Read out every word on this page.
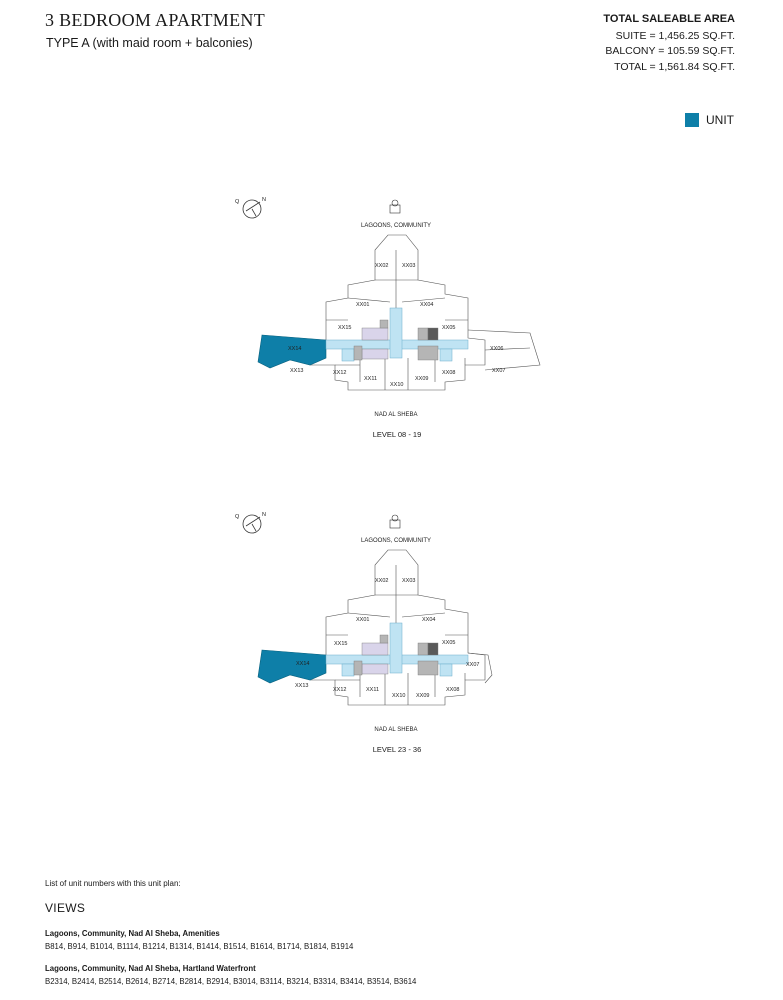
3 BEDROOM APARTMENT
TYPE A (with maid room + balconies)
TOTAL SALEABLE AREA
SUITE = 1,456.25 SQ.FT.
BALCONY = 105.59 SQ.FT.
TOTAL = 1,561.84 SQ.FT.
UNIT
N
Q
LAGOONS, COMMUNITY
XX02 XX03
XX01	XX04
XX15	XX05
XX14	XX06
XX13	XX12
XX11
XX10
XX09
XX08	XX07
NAD AL SHEBA
LEVEL 08 - 19
N
Q
LAGOONS, COMMUNITY
XX02 XX03
XX01	XX04
XX15	XX05
XX14	XX07
XX13
XX12	XX11
XX10 XX09
XX08
NAD AL SHEBA
LEVEL 23 - 36
List of unit numbers with this unit plan:
VIEWS
Lagoons, Community, Nad Al Sheba, Amenities
B814, B914, B1014, B1114, B1214, B1314, B1414, B1514, B1614, B1714, B1814, B1914
Lagoons, Community, Nad Al Sheba, Hartland Waterfront
B2314, B2414, B2514, B2614, B2714, B2814, B2914, B3014, B3114, B3214, B3314, B3414, B3514, B3614
